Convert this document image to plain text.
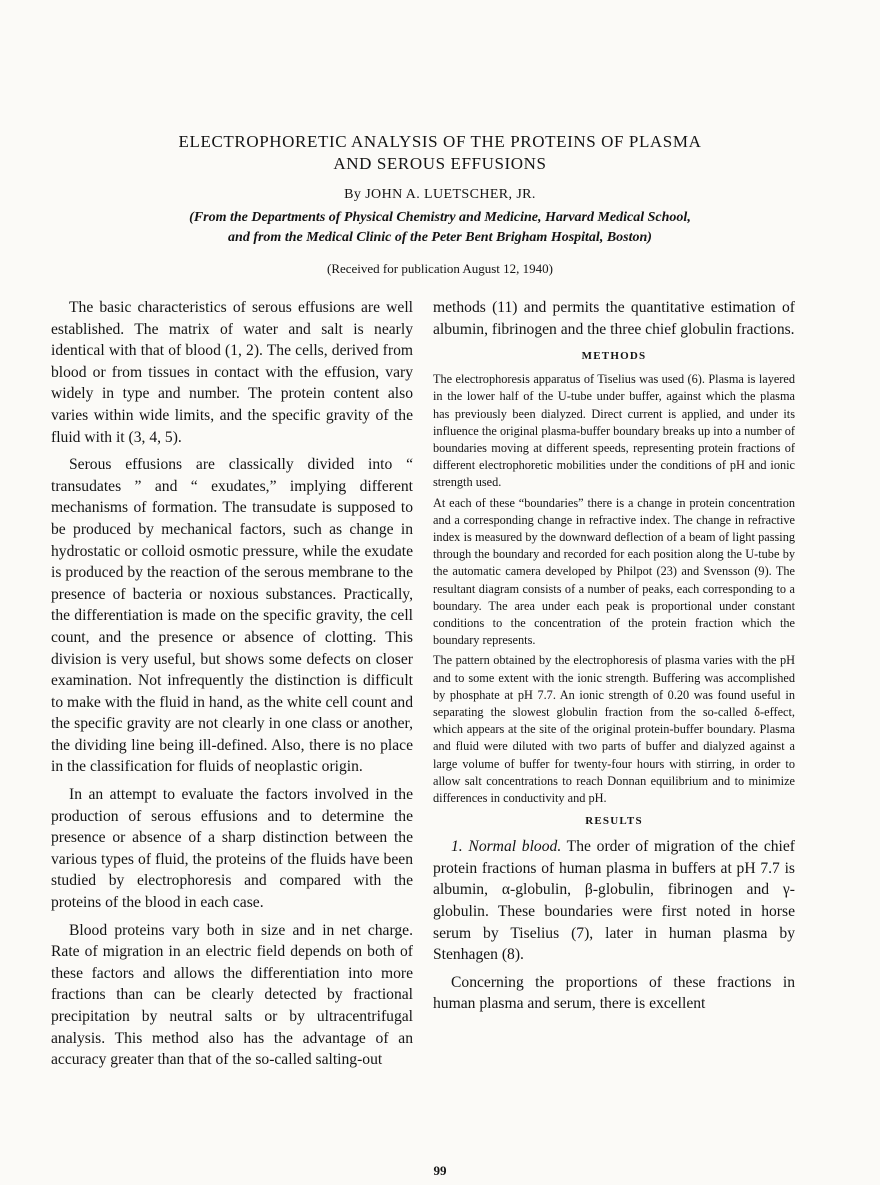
ELECTROPHORETIC ANALYSIS OF THE PROTEINS OF PLASMA
AND SEROUS EFFUSIONS
By JOHN A. LUETSCHER, JR.
(From the Departments of Physical Chemistry and Medicine, Harvard Medical School,
and from the Medical Clinic of the Peter Bent Brigham Hospital, Boston)
(Received for publication August 12, 1940)

The basic characteristics of serous effusions are well established. The matrix of water and salt is nearly identical with that of blood (1, 2). The cells, derived from blood or from tissues in contact with the effusion, vary widely in type and number. The protein content also varies within wide limits, and the specific gravity of the fluid with it (3, 4, 5).

Serous effusions are classically divided into “ transudates ” and “ exudates,” implying different mechanisms of formation. The transudate is supposed to be produced by mechanical factors, such as change in hydrostatic or colloid osmotic pressure, while the exudate is produced by the reaction of the serous membrane to the presence of bacteria or noxious substances. Practically, the differentiation is made on the specific gravity, the cell count, and the presence or absence of clotting. This division is very useful, but shows some defects on closer examination. Not infrequently the distinction is difficult to make with the fluid in hand, as the white cell count and the specific gravity are not clearly in one class or another, the dividing line being ill-defined. Also, there is no place in the classification for fluids of neoplastic origin.

In an attempt to evaluate the factors involved in the production of serous effusions and to determine the presence or absence of a sharp distinction between the various types of fluid, the proteins of the fluids have been studied by electrophoresis and compared with the proteins of the blood in each case.

Blood proteins vary both in size and in net charge. Rate of migration in an electric field depends on both of these factors and allows the differentiation into more fractions than can be clearly detected by fractional precipitation by neutral salts or by ultracentrifugal analysis. This method also has the advantage of an accuracy greater than that of the so-called salting-out

methods (11) and permits the quantitative estimation of albumin, fibrinogen and the three chief globulin fractions.

METHODS

The electrophoresis apparatus of Tiselius was used (6). Plasma is layered in the lower half of the U-tube under buffer, against which the plasma has previously been dialyzed. Direct current is applied, and under its influence the original plasma-buffer boundary breaks up into a number of boundaries moving at different speeds, representing protein fractions of different electrophoretic mobilities under the conditions of pH and ionic strength used.

At each of these “boundaries” there is a change in protein concentration and a corresponding change in refractive index. The change in refractive index is measured by the downward deflection of a beam of light passing through the boundary and recorded for each position along the U-tube by the automatic camera developed by Philpot (23) and Svensson (9). The resultant diagram consists of a number of peaks, each corresponding to a boundary. The area under each peak is proportional under constant conditions to the concentration of the protein fraction which the boundary represents.

The pattern obtained by the electrophoresis of plasma varies with the pH and to some extent with the ionic strength. Buffering was accomplished by phosphate at pH 7.7. An ionic strength of 0.20 was found useful in separating the slowest globulin fraction from the so-called δ-effect, which appears at the site of the original protein-buffer boundary. Plasma and fluid were diluted with two parts of buffer and dialyzed against a large volume of buffer for twenty-four hours with stirring, in order to allow salt concentrations to reach Donnan equilibrium and to minimize differences in conductivity and pH.

RESULTS

1. Normal blood. The order of migration of the chief protein fractions of human plasma in buffers at pH 7.7 is albumin, α-globulin, β-globulin, fibrinogen and γ-globulin. These boundaries were first noted in horse serum by Tiselius (7), later in human plasma by Stenhagen (8).

Concerning the proportions of these fractions in human plasma and serum, there is excellent

99
